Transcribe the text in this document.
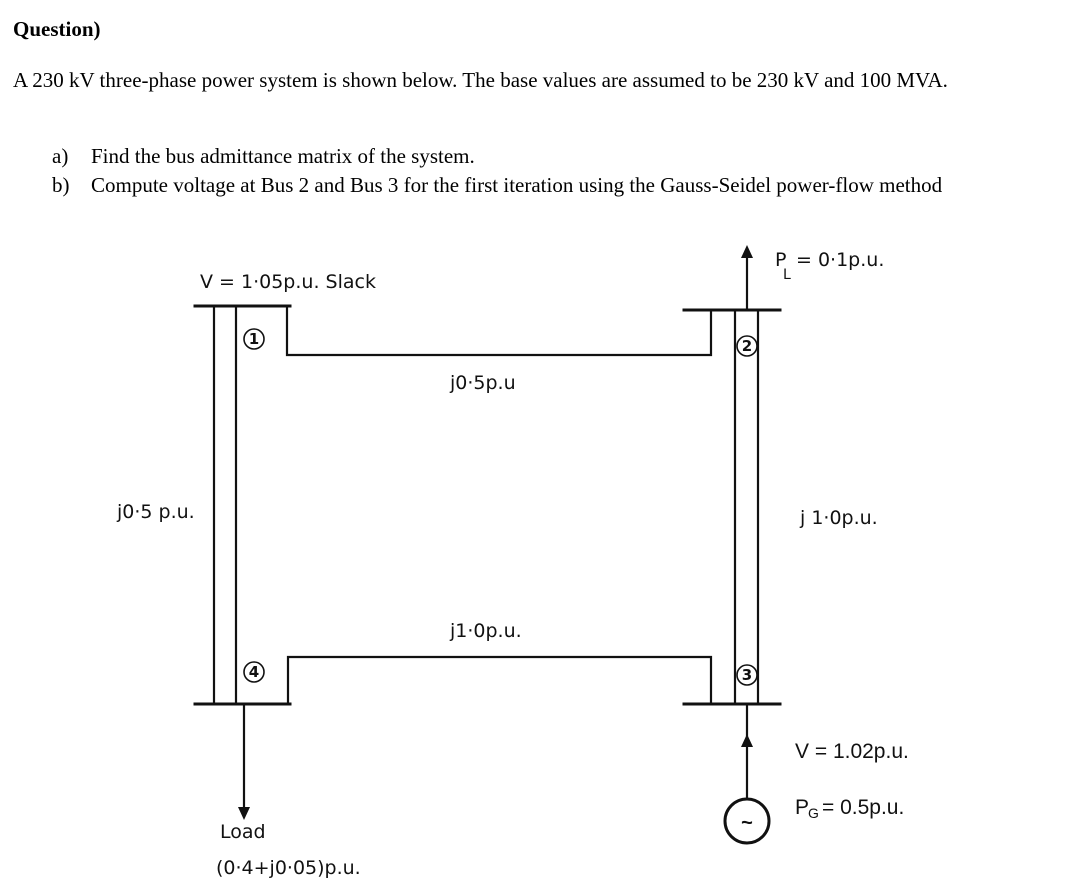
Question)

A 230 kV three-phase power system is shown below. The base values are assumed to be 230 kV and 100 MVA.

a) Find the bus admittance matrix of the system.
b) Compute voltage at Bus 2 and Bus 3 for the first iteration using the Gauss-Seidel power-flow method
1	2
3
4
V = 1·05p.u. Slack
j0·5p.u
j0·5 p.u.	j 1·0p.u.
j1·0p.u.
P
L
= 0·1p.u.
Load
(0·4+j0·05)p.u.
V = 1.02p.u.
P
G = 0.5p.u.
~
